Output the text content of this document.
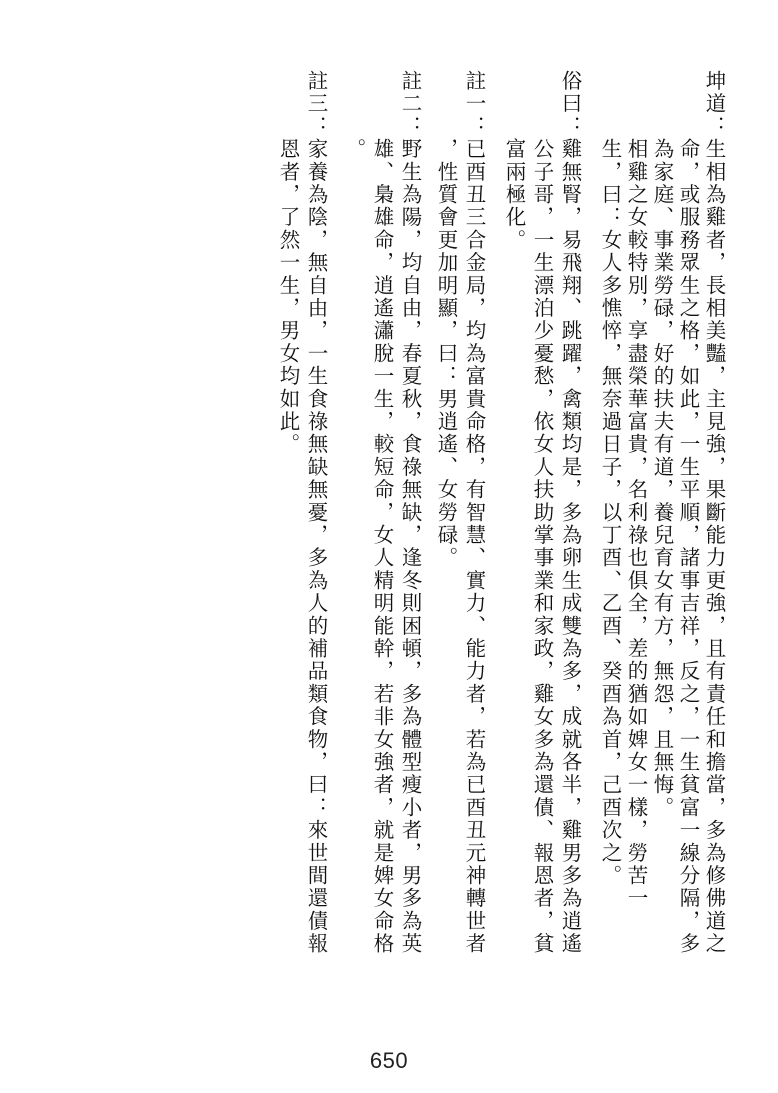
坤道：生相為雞者，長相美豔，主見強，果斷能力更強，且有責任和擔當，多為修佛道之
　　　命，或服務眾生之格，如此，一生平順，諸事吉祥，反之，一生貧富一線分隔，多
　　　為家庭、事業勞碌，好的扶夫有道，養兒育女有方，無怨，且無悔。
　　　相雞之女較特別，享盡榮華富貴，名利祿也俱全，差的猶如婢女一樣，勞苦一
　　　生，曰：女人多憔悴，無奈過日子，以丁酉、乙酉、癸酉為首，己酉次之。
俗曰：雞無腎，易飛翔、跳躍，禽類均是，多為卵生成雙為多，成就各半，雞男多為逍遙
　　　公子哥，一生漂泊少憂愁，依女人扶助掌事業和家政，雞女多為還債、報恩者，貧
　　　富兩極化。
註一：已酉丑三合金局，均為富貴命格，有智慧、實力、能力者，若為已酉丑元神轉世者
　　　，性質會更加明顯，曰：男逍遙、女勞碌。
註二：野生為陽，均自由，春夏秋，食祿無缺，逢冬則困頓，多為體型瘦小者，男多為英
　　　雄、梟雄命，逍遙瀟脫一生，較短命，女人精明能幹，若非女強者，就是婢女命格
　　　。
註三：家養為陰，無自由，一生食祿無缺無憂，多為人的補品類食物，曰：來世間還債報
　　　恩者，了然一生，男女均如此。
650
